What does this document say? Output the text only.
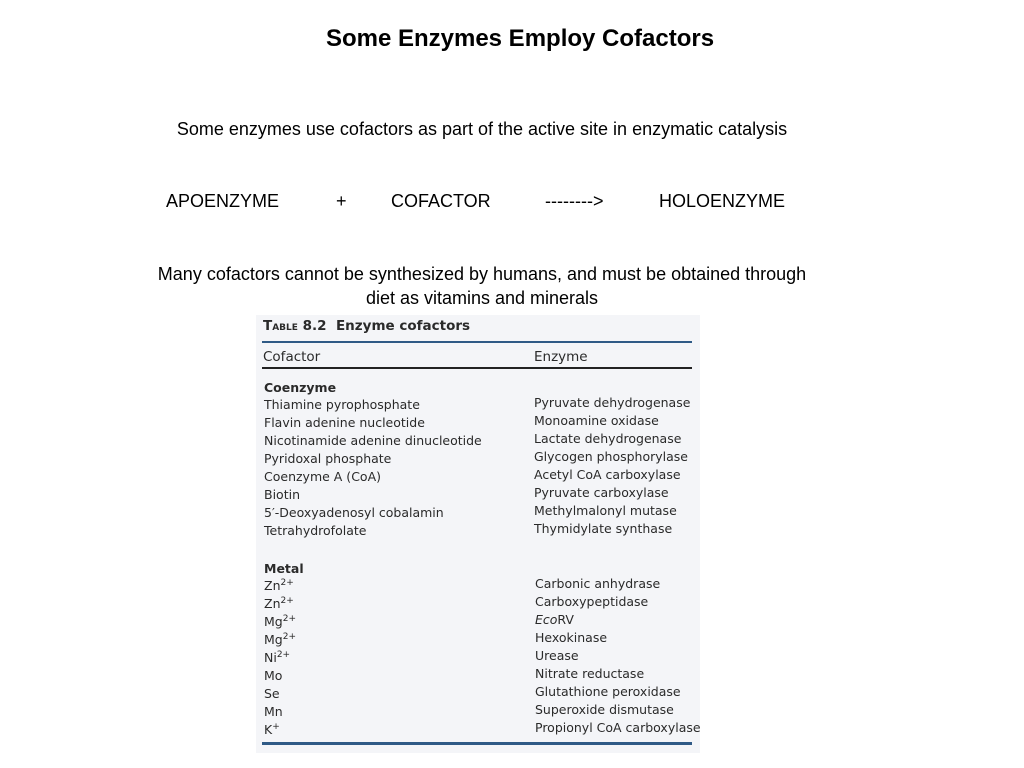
Some Enzymes Employ Cofactors
Some enzymes use cofactors as part of the active site in enzymatic catalysis
APOENZYME	+ COFACTOR	-------->	HOLOENZYME
Many cofactors cannot be synthesized by humans, and must be obtained through diet as vitamins and minerals
Table 8.2 Enzyme cofactors
Cofactor	Enzyme
Coenzyme
Thiamine pyrophosphate	Pyruvate dehydrogenase
Flavin adenine nucleotide	Monoamine oxidase
Nicotinamide adenine dinucleotide	Lactate dehydrogenase
Pyridoxal phosphate	Glycogen phosphorylase
Coenzyme A (CoA)	Acetyl CoA carboxylase
Biotin	Pyruvate carboxylase
5′-Deoxyadenosyl cobalamin	Methylmalonyl mutase
Tetrahydrofolate	Thymidylate synthase
Metal
$Zn^{2+}$	Carbonic anhydrase
$Zn^{2+}$	Carboxypeptidase
$Mg^{2+}$	EcoRV
$Mg^{2+}$	Hexokinase
$Ni^{2+}$	Urease
Mo	Nitrate reductase
Se	Glutathione peroxidase
Mn	Superoxide dismutase
K+	Propionyl CoA carboxylase
